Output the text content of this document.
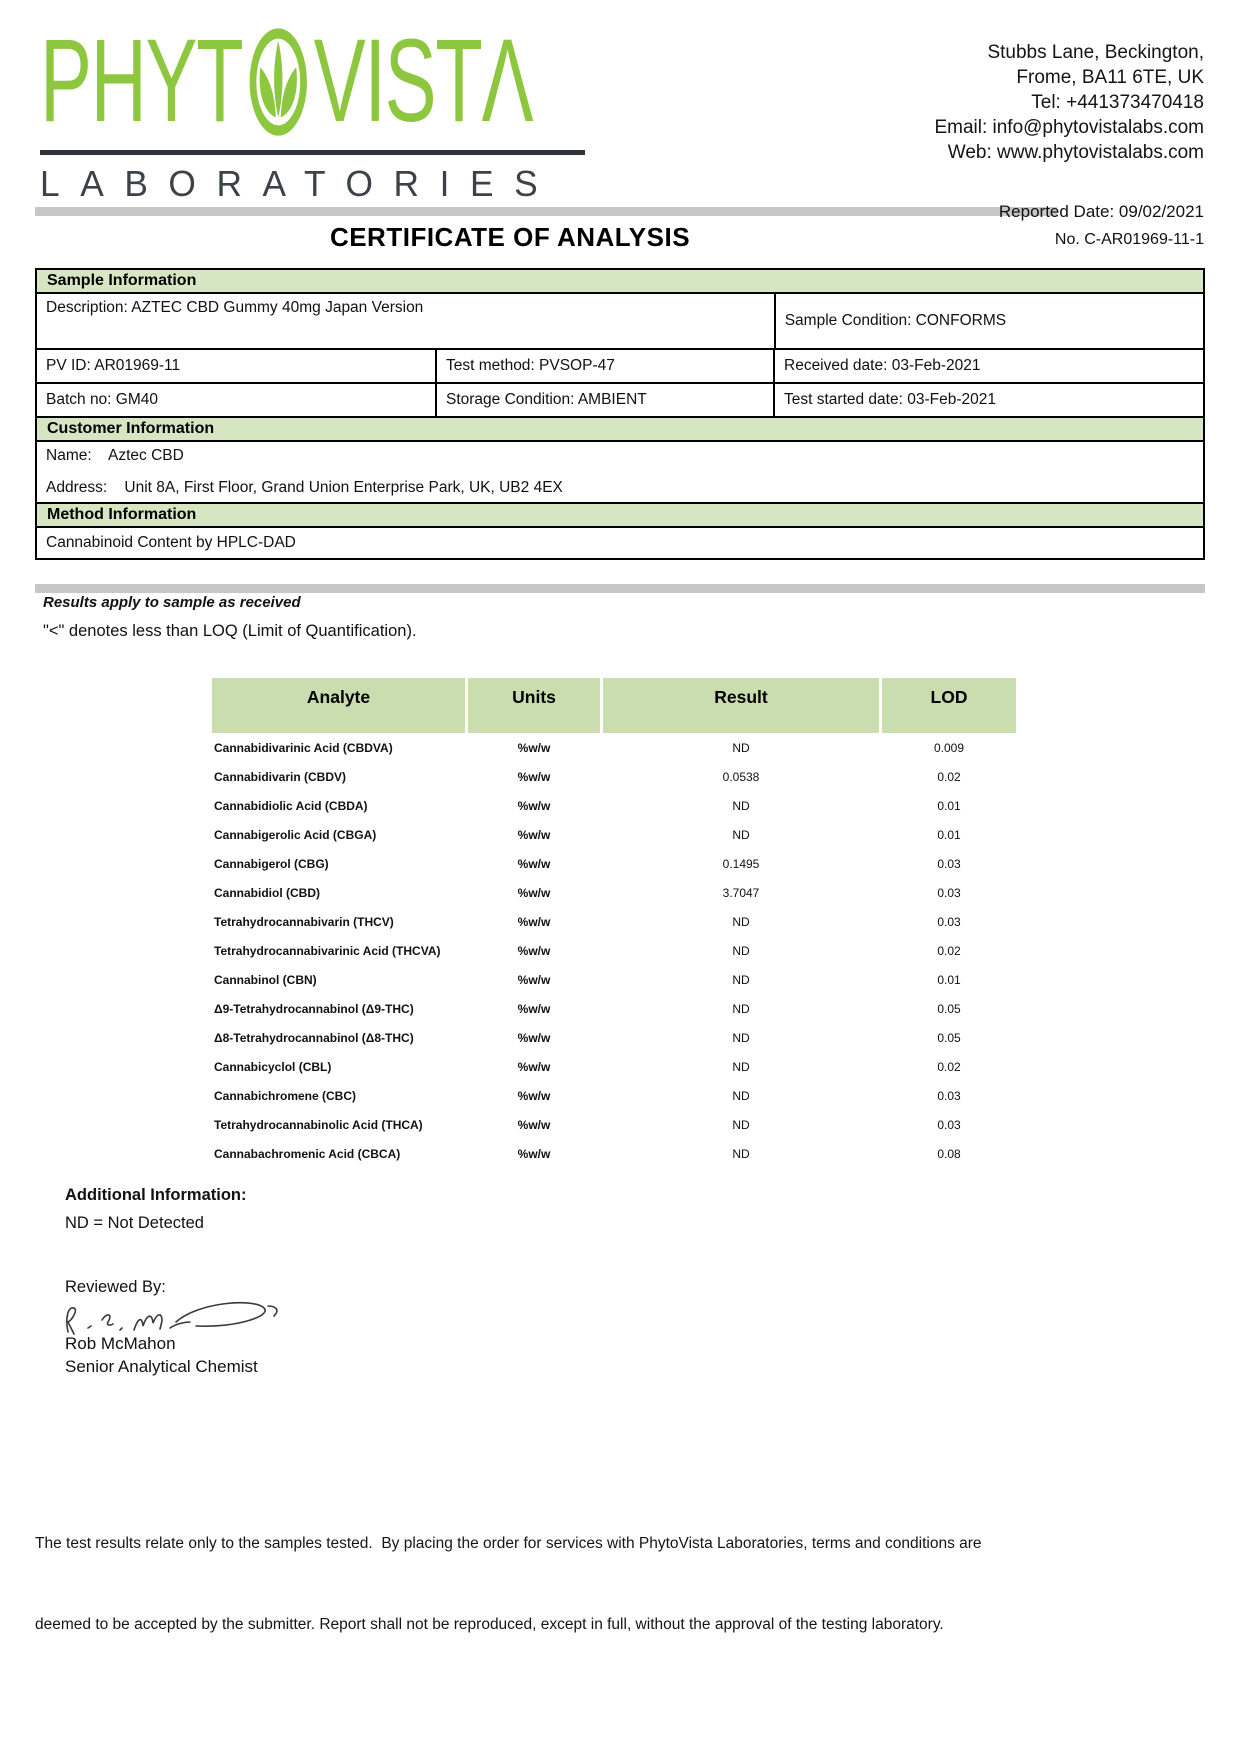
PHYT VISTΛ
LABORATORIES
Stubbs Lane, Beckington,
Frome, BA11 6TE, UK
Tel: +441373470418
Email: info@phytovistalabs.com
Web: www.phytovistalabs.com
Reported Date: 09/02/2021
CERTIFICATE OF ANALYSIS	No. C-AR01969-11-1
Sample Information
Description: AZTEC CBD Gummy 40mg Japan Version
Sample Condition: CONFORMS
PV ID: AR01969-11	Test method: PVSOP-47	Received date: 03-Feb-2021
Batch no: GM40	Storage Condition: AMBIENT	Test started date: 03-Feb-2021
Customer Information
Name:    Aztec CBD
Address:    Unit 8A, First Floor, Grand Union Enterprise Park, UK, UB2 4EX
Method Information
Cannabinoid Content by HPLC-DAD
Results apply to sample as received
"<" denotes less than LOQ (Limit of Quantification).
Analyte	Units	Result	LOD
Cannabidivarinic Acid (CBDVA)	%w/w	ND	0.009
Cannabidivarin (CBDV)	%w/w	0.0538	0.02
Cannabidiolic Acid (CBDA)	%w/w	ND	0.01
Cannabigerolic Acid (CBGA)	%w/w	ND	0.01
Cannabigerol (CBG)	%w/w	0.1495	0.03
Cannabidiol (CBD)	%w/w	3.7047	0.03
Tetrahydrocannabivarin (THCV)	%w/w	ND	0.03
Tetrahydrocannabivarinic Acid (THCVA)	%w/w	ND	0.02
Cannabinol (CBN)	%w/w	ND	0.01
Δ9-Tetrahydrocannabinol (Δ9-THC)	%w/w	ND	0.05
Δ8-Tetrahydrocannabinol (Δ8-THC)	%w/w	ND	0.05
Cannabicyclol (CBL)	%w/w	ND	0.02
Cannabichromene (CBC)	%w/w	ND	0.03
Tetrahydrocannabinolic Acid (THCA)	%w/w	ND	0.03
Cannabachromenic Acid (CBCA)	%w/w	ND	0.08
Additional Information:
ND = Not Detected
Reviewed By:
Rob McMahon
Senior Analytical Chemist

The test results relate only to the samples tested.  By placing the order for services with PhytoVista Laboratories, terms and conditions are

deemed to be accepted by the submitter. Report shall not be reproduced, except in full, without the approval of the testing laboratory.
